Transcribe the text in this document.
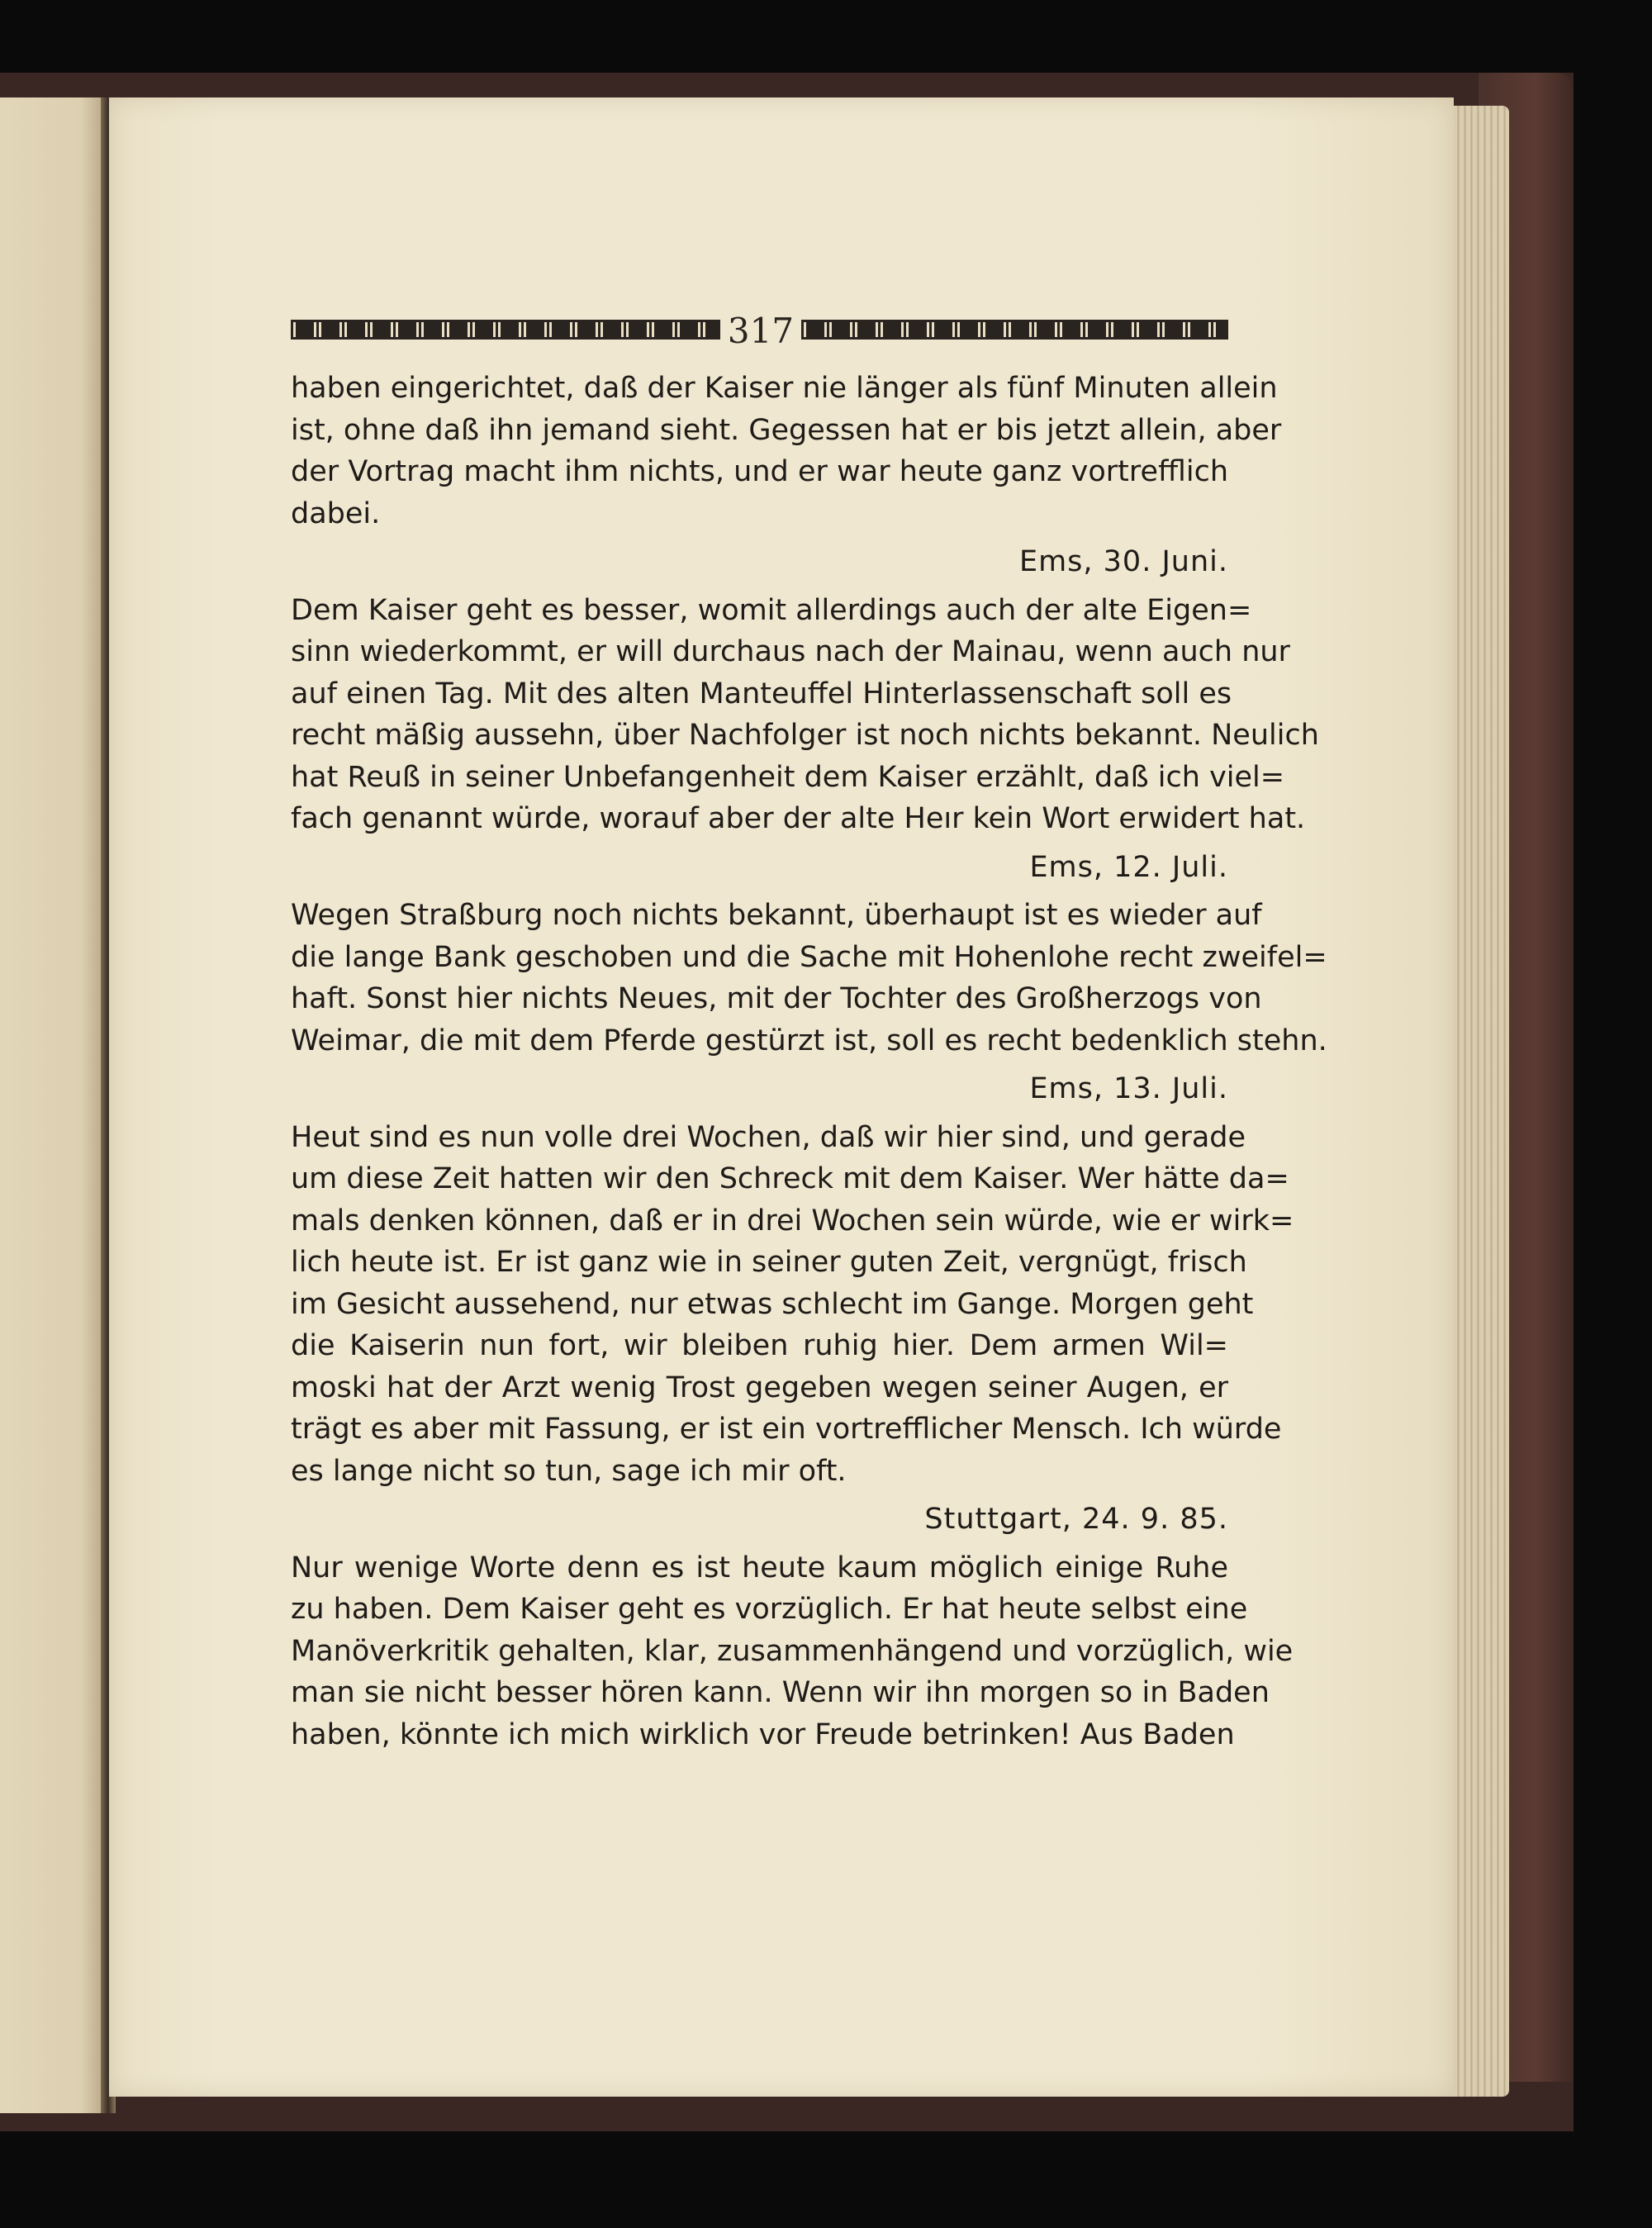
317
haben eingerichtet, daß der Kaiser nie länger als fünf Minuten allein
ist, ohne daß ihn jemand sieht. Gegessen hat er bis jetzt allein, aber
der Vortrag macht ihm nichts, und er war heute ganz vortrefflich
dabei.
Ems, 30. Juni.
Dem Kaiser geht es besser, womit allerdings auch der alte Eigen=
sinn wiederkommt, er will durchaus nach der Mainau, wenn auch nur
auf einen Tag. Mit des alten Manteuffel Hinterlassenschaft soll es
recht mäßig aussehn, über Nachfolger ist noch nichts bekannt. Neulich
hat Reuß in seiner Unbefangenheit dem Kaiser erzählt, daß ich viel=
fach genannt würde, worauf aber der alte Heır kein Wort erwidert hat.
Ems, 12. Juli.
Wegen Straßburg noch nichts bekannt, überhaupt ist es wieder auf
die lange Bank geschoben und die Sache mit Hohenlohe recht zweifel=
haft. Sonst hier nichts Neues, mit der Tochter des Großherzogs von
Weimar, die mit dem Pferde gestürzt ist, soll es recht bedenklich stehn.
Ems, 13. Juli.
Heut sind es nun volle drei Wochen, daß wir hier sind, und gerade
um diese Zeit hatten wir den Schreck mit dem Kaiser. Wer hätte da=
mals denken können, daß er in drei Wochen sein würde, wie er wirk=
lich heute ist. Er ist ganz wie in seiner guten Zeit, vergnügt, frisch
im Gesicht aussehend, nur etwas schlecht im Gange. Morgen geht
die Kaiserin nun fort, wir bleiben ruhig hier. Dem armen Wil=
moski hat der Arzt wenig Trost gegeben wegen seiner Augen, er
trägt es aber mit Fassung, er ist ein vortrefflicher Mensch. Ich würde
es lange nicht so tun, sage ich mir oft.
Stuttgart, 24. 9. 85.
Nur wenige Worte denn es ist heute kaum möglich einige Ruhe
zu haben. Dem Kaiser geht es vorzüglich. Er hat heute selbst eine
Manöverkritik gehalten, klar, zusammenhängend und vorzüglich, wie
man sie nicht besser hören kann. Wenn wir ihn morgen so in Baden
haben, könnte ich mich wirklich vor Freude betrinken! Aus Baden
